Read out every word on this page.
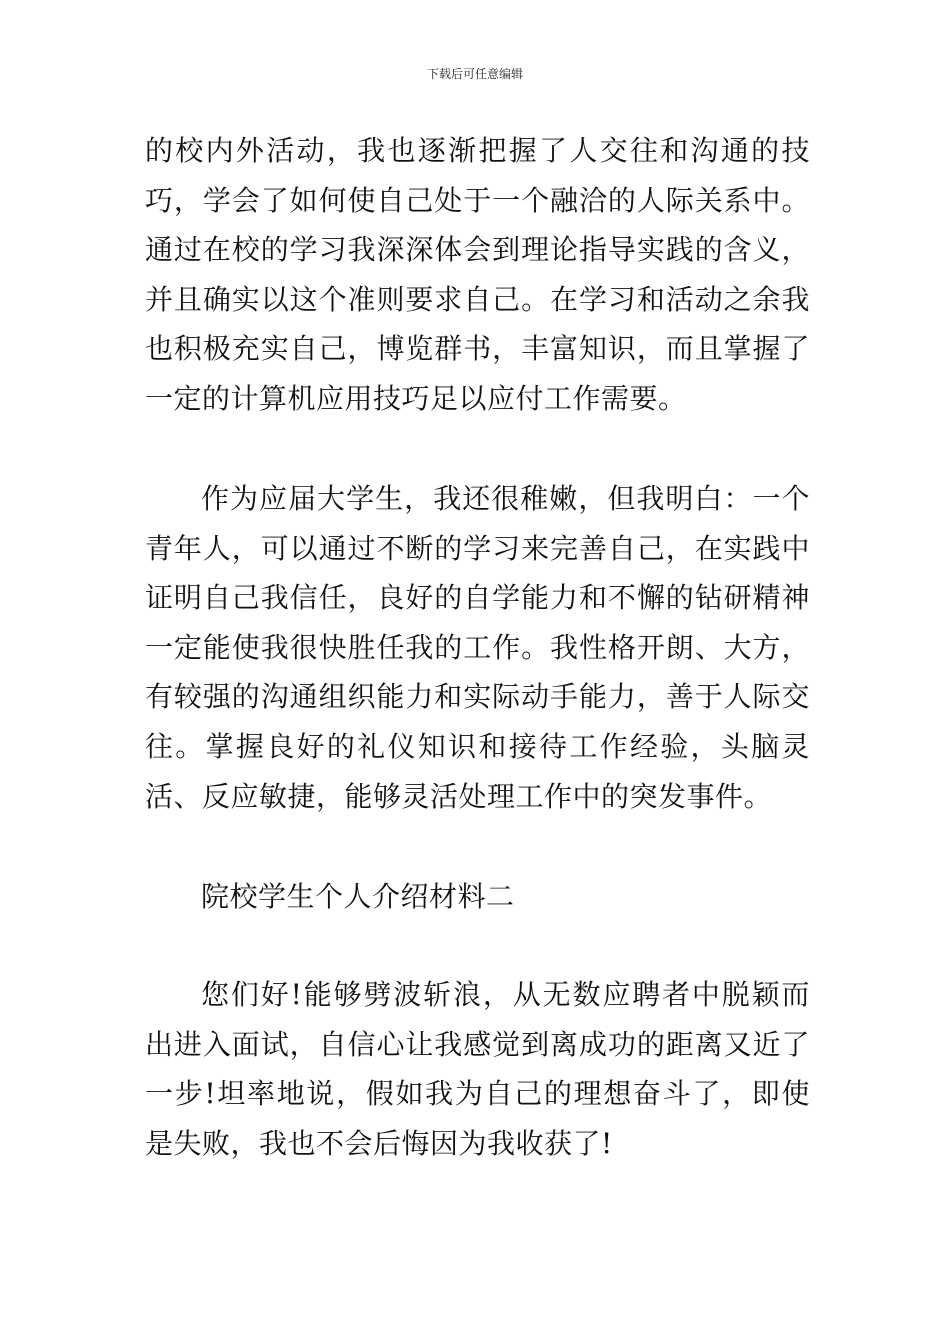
下载后可任意编辑

的校内外活动，我也逐渐把握了人交往和沟通的技巧，学会了如何使自己处于一个融洽的人际关系中。通过在校的学习我深深体会到理论指导实践的含义，并且确实以这个准则要求自己。在学习和活动之余我也积极充实自己，博览群书，丰富知识，而且掌握了一定的计算机应用技巧足以应付工作需要。

作为应届大学生，我还很稚嫩，但我明白：一个青年人，可以通过不断的学习来完善自己，在实践中证明自己我信任，良好的自学能力和不懈的钻研精神一定能使我很快胜任我的工作。我性格开朗、大方，有较强的沟通组织能力和实际动手能力，善于人际交往。掌握良好的礼仪知识和接待工作经验，头脑灵活、反应敏捷，能够灵活处理工作中的突发事件。

院校学生个人介绍材料二

您们好!能够劈波斩浪，从无数应聘者中脱颖而出进入面试，自信心让我感觉到离成功的距离又近了一步!坦率地说，假如我为自己的理想奋斗了，即使是失败，我也不会后悔因为我收获了!
